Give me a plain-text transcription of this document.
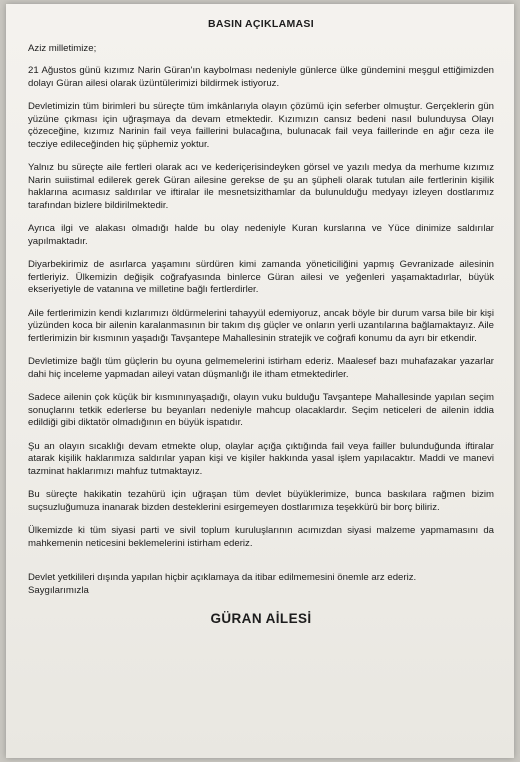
BASIN AÇIKLAMASI
Aziz milletimize;

21 Ağustos günü kızımız Narin Güran'ın kaybolması nedeniyle günlerce ülke gündemini meşgul ettiğimizden dolayı Güran ailesi olarak üzüntülerimizi bildirmek istiyoruz.

Devletimizin tüm birimleri bu süreçte tüm imkânlarıyla olayın çözümü için seferber olmuştur. Gerçeklerin gün yüzüne çıkması için uğraşmaya da devam etmektedir. Kızımızın cansız bedeni nasıl bulunduysa Olayı çözeceğine, kızımız Narinin fail veya faillerini bulacağına, bulunacak fail veya faillerinde en ağır ceza ile tecziye edileceğinden hiç şüphemiz yoktur.

Yalnız bu süreçte aile fertleri olarak acı ve kederiçerisindeyken görsel ve yazılı medya da merhume kızımız Narin suiistimal edilerek gerek Güran ailesine gerekse de şu an şüpheli olarak tutulan aile fertlerinin kişilik haklarına acımasız saldırılar ve iftiralar ile mesnetsizithamlar da bulunulduğu medyayı izleyen dostlarımız tarafından bizlere bildirilmektedir.

Ayrıca ilgi ve alakası olmadığı halde bu olay nedeniyle Kuran kurslarına ve Yüce dinimize saldırılar yapılmaktadır.

Diyarbekirimiz de asırlarca yaşamını sürdüren kimi zamanda yöneticiliğini yapmış Gevranizade ailesinin fertleriyiz. Ülkemizin değişik coğrafyasında binlerce Güran ailesi ve yeğenleri yaşamaktadırlar, büyük ekseriyetiyle de vatanına ve milletine bağlı fertlerdirler.

Aile fertlerimizin kendi kızlarımızı öldürmelerini tahayyül edemiyoruz, ancak böyle bir durum varsa bile bir kişi yüzünden koca bir ailenin karalanmasının bir takım dış güçler ve onların yerli uzantılarına bağlamaktayız. Aile fertlerimizin bir kısmının yaşadığı Tavşantepe Mahallesinin stratejik ve coğrafi konumu da ayrı bir etkendir.

Devletimize bağlı tüm güçlerin bu oyuna gelmemelerini istirham ederiz. Maalesef bazı muhafazakar yazarlar dahi hiç inceleme yapmadan aileyi vatan düşmanlığı ile itham etmektedirler.

Sadece ailenin çok küçük bir kısmınınyaşadığı, olayın vuku bulduğu Tavşantepe Mahallesinde yapılan seçim sonuçlarını tetkik ederlerse bu beyanları nedeniyle mahcup olacaklardır. Seçim neticeleri de ailenin iddia edildiği gibi diktatör olmadığının en büyük ispatıdır.

Şu an olayın sıcaklığı devam etmekte olup, olaylar açığa çıktığında fail veya failler bulunduğunda iftiralar atarak kişilik haklarımıza saldırılar yapan kişi ve kişiler hakkında yasal işlem yapılacaktır. Maddi ve manevi tazminat haklarımızı mahfuz tutmaktayız.

Bu süreçte hakikatin tezahürü için uğraşan tüm devlet büyüklerimize, bunca baskılara rağmen bizim suçsuzluğumuza inanarak bizden desteklerini esirgemeyen dostlarımıza teşekkürü bir borç biliriz.

Ülkemizde ki tüm siyasi parti ve sivil toplum kuruluşlarının acımızdan siyasi malzeme yapmamasını da mahkemenin neticesini beklemelerini istirham ederiz.

Devlet yetkilileri dışında yapılan hiçbir açıklamaya da itibar edilmemesini önemle arz ederiz.

Saygılarımızla

GÜRAN AİLESİ
